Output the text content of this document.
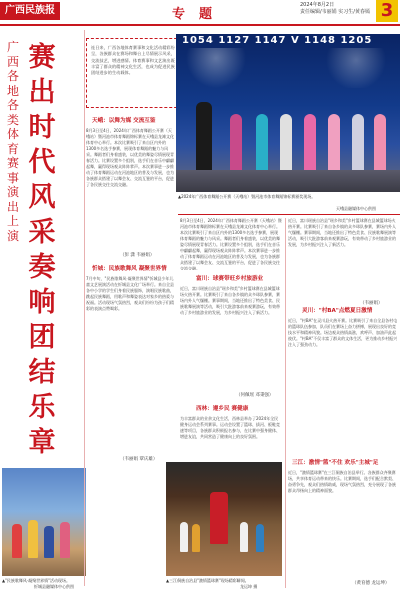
广西民族报	专题
2024年8月2日
责任编辑/韦丽娟 实习生/黄春嫣 3
广西各地各类体育赛事演出上演
赛出时代风采奏响团结乐章
连日来，广西各地体育赛事和文化活动精彩纷呈，各族群众在赛场和舞台上尽情展示风采，交流技艺，增进感情。体育赛事和文艺演出既丰富了群众的精神文化生活，也成为促进民族团结进步的生动载体。
天峨：以舞为媒 交流互鉴
8月3日至4日，2024年广西体育舞蹈公开赛（天峨站）暨河池市体育舞蹈锦标赛在天峨县龙滩文化体育中心举行。本次比赛吸引了来自区内外的1300多名选手参赛，展现体育舞蹈的魅力与风采。舞蹈者们身着盛装，以优美的舞姿尽情展现青春活力。比赛设置多个组别，选手们在音乐中翩翩起舞，赢得现场观众阵阵掌声。本次赛事进一步推动了体育舞蹈运动在河池地区的普及与发展，也为各族群众搭建了以舞会友、交流互鉴的平台，促进了各民族交往交流交融。
（彭 潇 韦丽娟）
忻城：民族歌舞风 凝聚世界情
7月中旬，"民族歌舞风·凝聚世界情"忻城县少年儿童文艺展演活动在忻城县文化广场举行。来自全县各中小学的学生们身着民族服饰，演唱民族歌曲，跳起民族舞蹈，用歌声和舞姿表达对家乡的热爱与祝福。活动现场气氛热烈，观众们纷纷为孩子们精彩的表演点赞喝彩。
（韦丽娟 覃庆雄）
1054 1127 1147 V 1148 1205
▲2024年广西体育舞蹈公开赛（天峨站）暨河池市体育舞蹈锦标赛颁奖现场。
天峨县融媒体中心供图
8月3日至4日，2024年广西体育舞蹈公开赛（天峨站）暨河池市体育舞蹈锦标赛在天峨县龙滩文化体育中心举行。本次比赛吸引了来自区内外的1300多名选手参赛，展现体育舞蹈的魅力与风采。舞蹈者们身着盛装，以优美的舞姿尽情展现青春活力。比赛设置多个组别，选手们在音乐中翩翩起舞，赢得现场观众阵阵掌声。本次赛事进一步推动了体育舞蹈运动在河池地区的普及与发展，也为各族群众搭建了以舞会友、交流互鉴的平台，促进了各民族交往交流交融。
富川：球赛带旺乡村旅游业
近日，富川瑶族自治县"瑶乡和美"乡村篮球赛在县城篮球场火热开赛。比赛吸引了来自各乡镇的众多球队参赛，赛场内外人气爆棚。赛事期间，当地还推出了特色美食、民族歌舞展演等活动，吸引大批游客前来观赛游玩，有效带动了乡村旅游业的发展，为乡村振兴注入了新活力。
（何佩瑶 邓秉强）
西林：遵乡民 赛健康
为丰富群众的业余文化生活，西林县举办了2024年全民健身运动会系列赛事。运动会设置了篮球、拔河、板鞋竞速等项目，各族群众积极报名参与，在比赛中强身健体、增进友谊，共同营造了健康向上的良好氛围。
近日，富川瑶族自治县"瑶乡和美"乡村篮球赛在县城篮球场火热开赛。比赛吸引了来自各乡镇的众多球队参赛，赛场内外人气爆棚。赛事期间，当地还推出了特色美食、民族歌舞展演等活动，吸引大批游客前来观赛游玩，有效带动了乡村旅游业的发展，为乡村振兴注入了新活力。
灵川："村BA"点燃夏日激情
近日，"村BA"在灵川县火热开赛。比赛吸引了来自全县各村屯的篮球队伍参加，队员们在赛场上奋力拼搏，展现出良好的竞技水平和精神风貌。场边观众热情高涨，欢呼声、加油声此起彼伏。"村BA"不仅丰富了群众的文体生活，更为推动乡村振兴注入了强劲动力。
（韦丽娟）
三江：激情"篮"不住 欢乐"主城"足
近日，"激情篮球赛"在三江侗族自治县举行。各族群众齐聚赛场，共享体育运动带来的快乐。比赛期间，选手们配合默契、奋勇争先，观众们热情助威，现场气氛热烈，充分展现了各族群众昂扬向上的精神面貌。
（黄育德 龙运坤）
▲"民族歌舞风·凝聚世界情"活动现场。
忻城县融媒体中心供图
▲三江侗族自治县"激情篮球赛"现场精彩瞬间。
龙运坤 摄
